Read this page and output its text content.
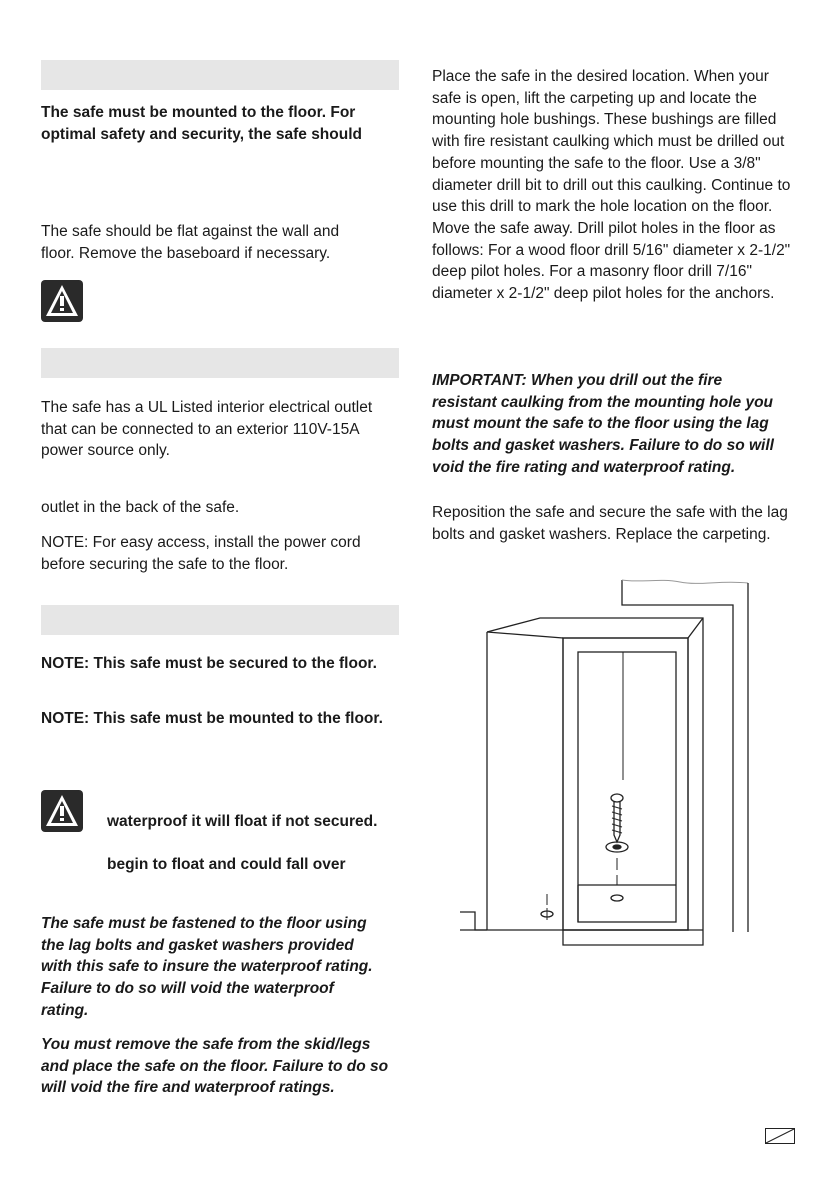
The safe must be mounted to the floor. For optimal safety and security, the safe should

The safe should be flat against the wall and floor. Remove the baseboard if necessary.

The safe has a UL Listed interior electrical outlet that can be connected to an exterior 110V-15A power source only.

outlet in the back of the safe.

NOTE: For easy access, install the power cord before securing the safe to the floor.

NOTE: This safe must be secured to the floor.

NOTE: This safe must be mounted to the floor.

waterproof it will float if not secured.

begin to float and could fall over

The safe must be fastened to the floor using the lag bolts and gasket washers provided with this safe to insure the waterproof rating. Failure to do so will void the waterproof rating.

You must remove the safe from the skid/legs and place the safe on the floor. Failure to do so will void the fire and waterproof ratings.

Place the safe in the desired location. When your safe is open, lift the carpeting up and locate the mounting hole bushings. These bushings are filled with fire resistant caulking which must be drilled out before mounting the safe to the floor. Use a 3/8" diameter drill bit to drill out this caulking. Continue to use this drill to mark the hole location on the floor. Move the safe away. Drill pilot holes in the floor as follows: For a wood floor drill 5/16" diameter x 2-1/2" deep pilot holes. For a masonry floor drill 7/16" diameter x 2-1/2" deep pilot holes for the anchors.

IMPORTANT: When you drill out the fire resistant caulking from the mounting hole you must mount the safe to the floor using the lag bolts and gasket washers. Failure to do so will void the fire rating and waterproof rating.

Reposition the safe and secure the safe with the lag bolts and gasket washers. Replace the carpeting.
